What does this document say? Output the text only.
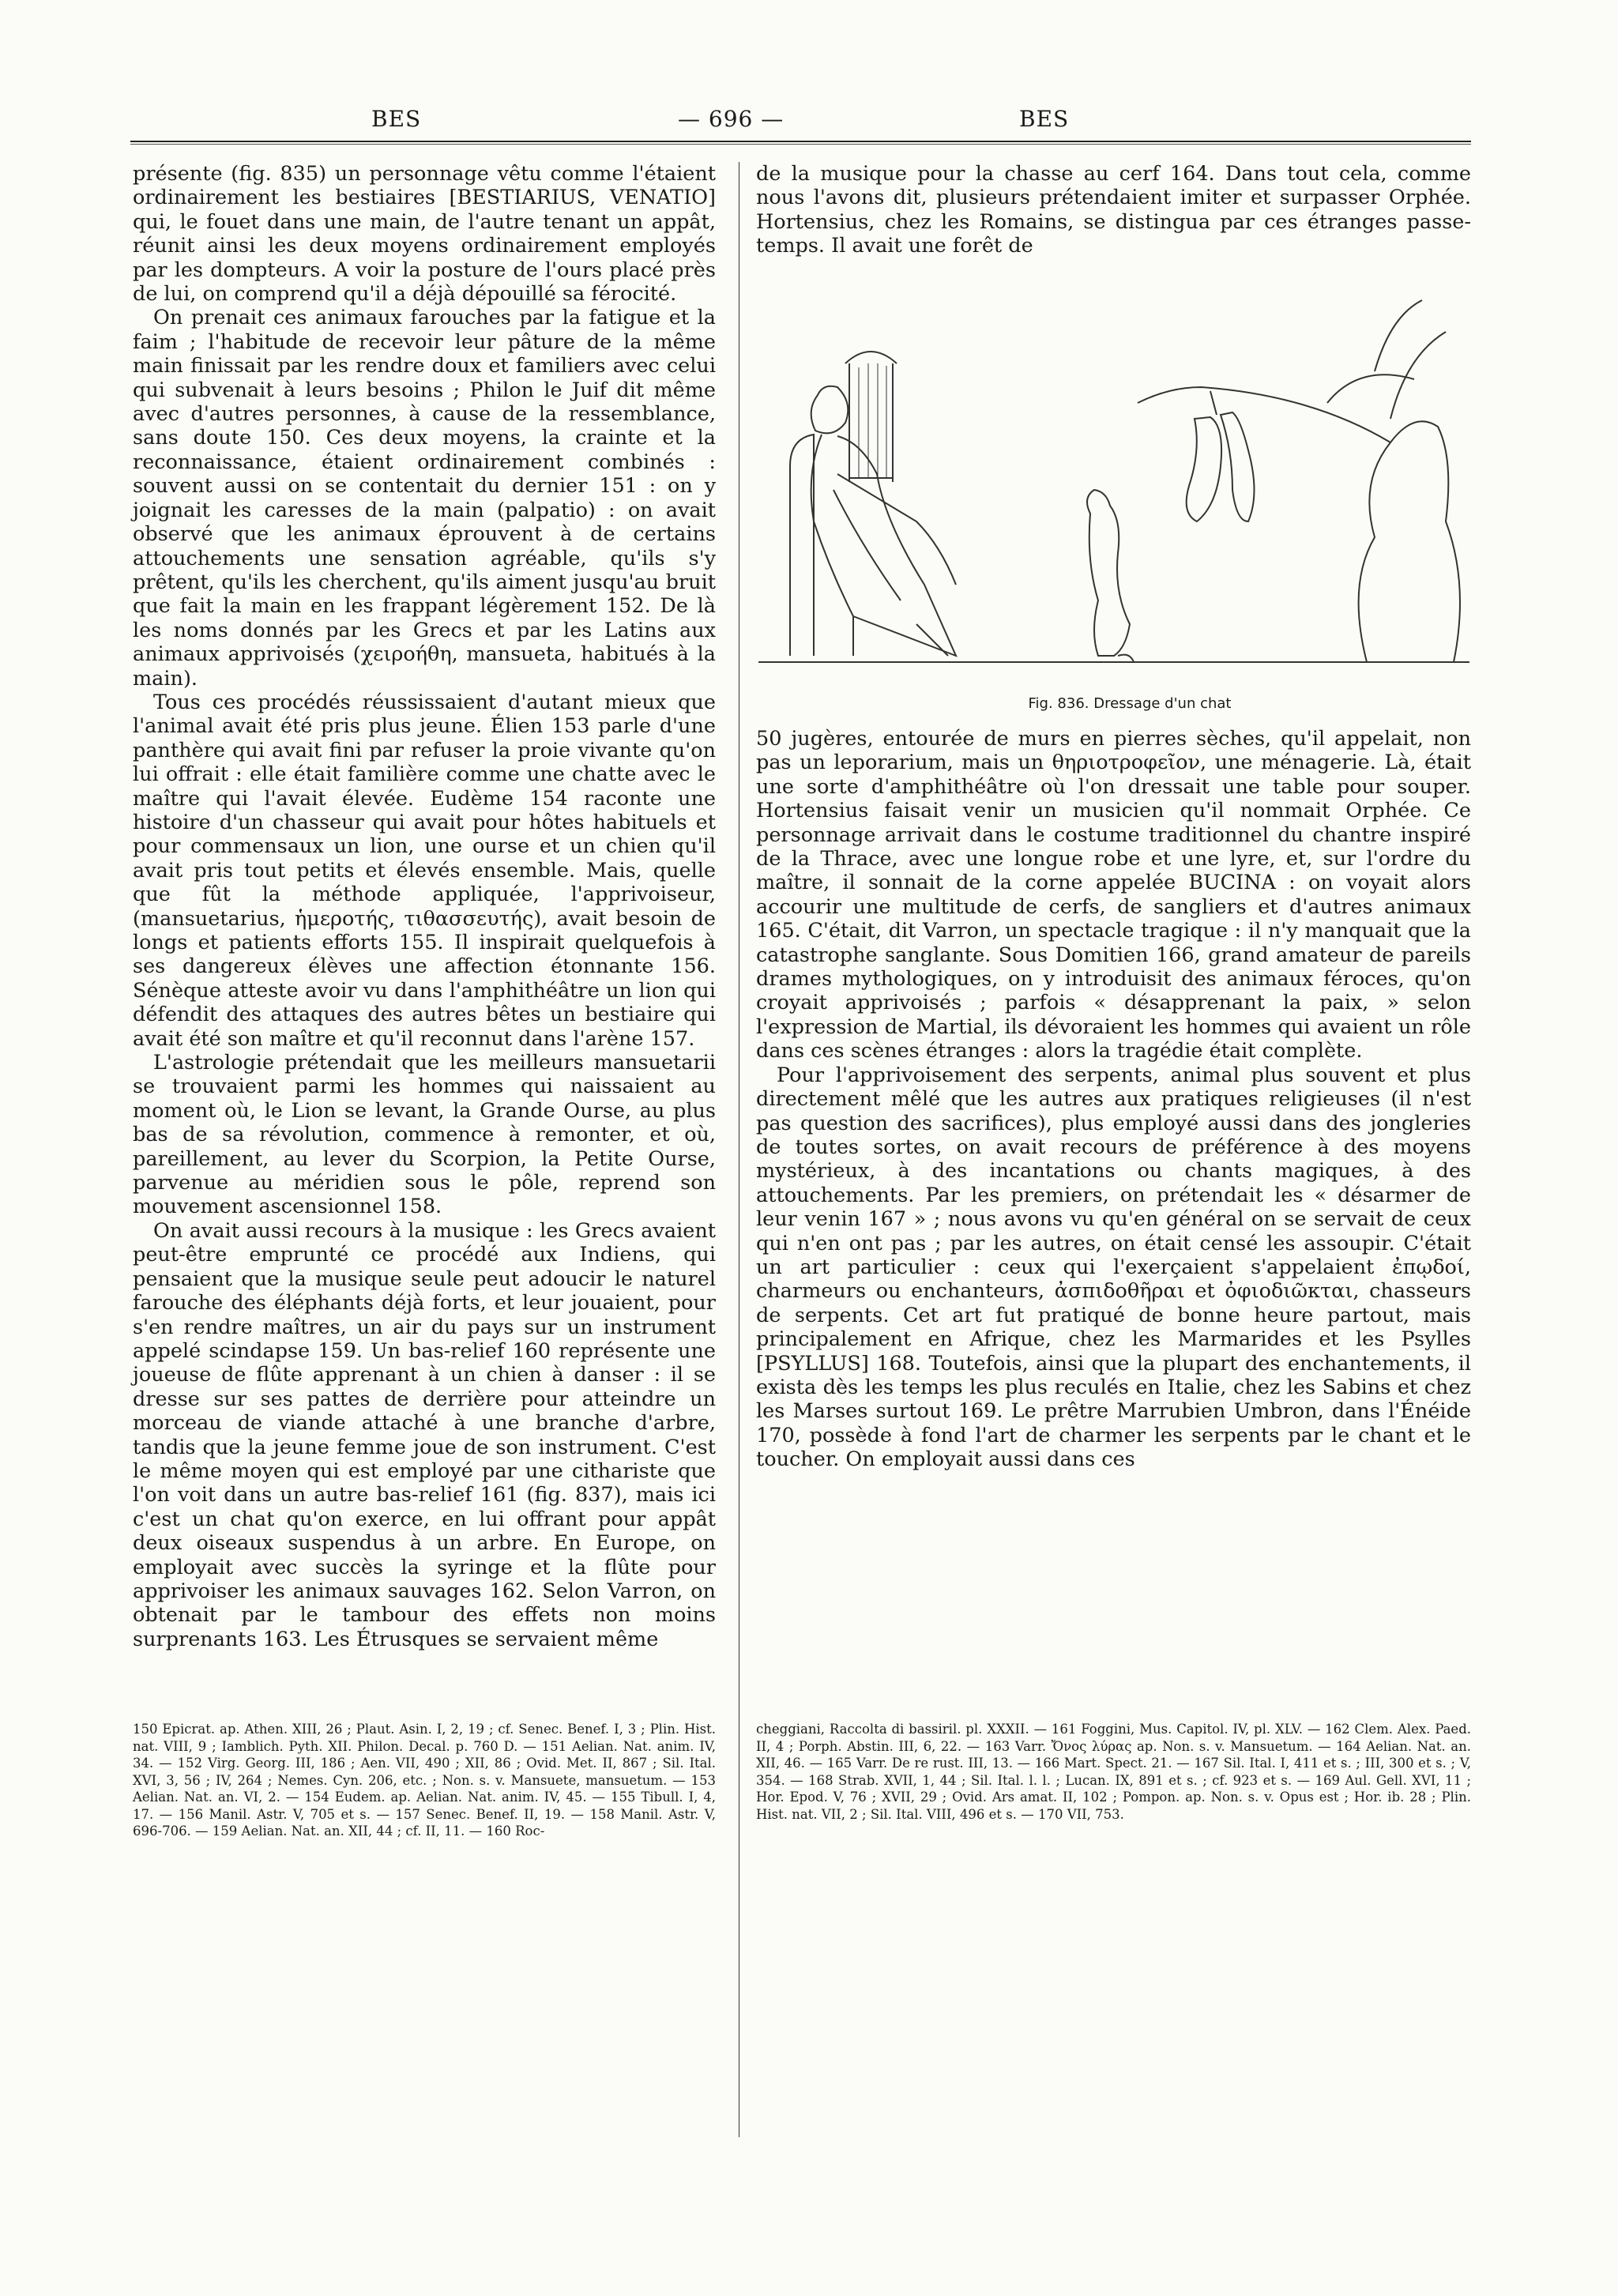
BES	— 696 —	BES

présente (fig. 835) un personnage vêtu comme l'étaient ordinairement les bestiaires [BESTIARIUS, VENATIO] qui, le fouet dans une main, de l'autre tenant un appât, réunit ainsi les deux moyens ordinairement employés par les dompteurs. A voir la posture de l'ours placé près de lui, on comprend qu'il a déjà dépouillé sa férocité.

On prenait ces animaux farouches par la fatigue et la faim ; l'habitude de recevoir leur pâture de la même main finissait par les rendre doux et familiers avec celui qui subvenait à leurs besoins ; Philon le Juif dit même avec d'autres personnes, à cause de la ressemblance, sans doute 150. Ces deux moyens, la crainte et la reconnaissance, étaient ordinairement combinés : souvent aussi on se contentait du dernier 151 : on y joignait les caresses de la main (palpatio) : on avait observé que les animaux éprouvent à de certains attouchements une sensation agréable, qu'ils s'y prêtent, qu'ils les cherchent, qu'ils aiment jusqu'au bruit que fait la main en les frappant légèrement 152. De là les noms donnés par les Grecs et par les Latins aux animaux apprivoisés (χειροήθη, mansueta, habitués à la main).

Tous ces procédés réussissaient d'autant mieux que l'animal avait été pris plus jeune. Élien 153 parle d'une panthère qui avait fini par refuser la proie vivante qu'on lui offrait : elle était familière comme une chatte avec le maître qui l'avait élevée. Eudème 154 raconte une histoire d'un chasseur qui avait pour hôtes habituels et pour commensaux un lion, une ourse et un chien qu'il avait pris tout petits et élevés ensemble. Mais, quelle que fût la méthode appliquée, l'apprivoiseur, (mansuetarius, ἡμεροτής, τιθασσευτής), avait besoin de longs et patients efforts 155. Il inspirait quelquefois à ses dangereux élèves une affection étonnante 156. Sénèque atteste avoir vu dans l'amphithéâtre un lion qui défendit des attaques des autres bêtes un bestiaire qui avait été son maître et qu'il reconnut dans l'arène 157.

L'astrologie prétendait que les meilleurs mansuetarii se trouvaient parmi les hommes qui naissaient au moment où, le Lion se levant, la Grande Ourse, au plus bas de sa révolution, commence à remonter, et où, pareillement, au lever du Scorpion, la Petite Ourse, parvenue au méridien sous le pôle, reprend son mouvement ascensionnel 158.

On avait aussi recours à la musique : les Grecs avaient peut-être emprunté ce procédé aux Indiens, qui pensaient que la musique seule peut adoucir le naturel farouche des éléphants déjà forts, et leur jouaient, pour s'en rendre maîtres, un air du pays sur un instrument appelé scindapse 159. Un bas-relief 160 représente une joueuse de flûte apprenant à un chien à danser : il se dresse sur ses pattes de derrière pour atteindre un morceau de viande attaché à une branche d'arbre, tandis que la jeune femme joue de son instrument. C'est le même moyen qui est employé par une cithariste que l'on voit dans un autre bas-relief 161 (fig. 837), mais ici c'est un chat qu'on exerce, en lui offrant pour appât deux oiseaux suspendus à un arbre. En Europe, on employait avec succès la syringe et la flûte pour apprivoiser les animaux sauvages 162. Selon Varron, on obtenait par le tambour des effets non moins surprenants 163. Les Étrusques se servaient même

de la musique pour la chasse au cerf 164. Dans tout cela, comme nous l'avons dit, plusieurs prétendaient imiter et surpasser Orphée. Hortensius, chez les Romains, se distingua par ces étranges passe-temps. Il avait une forêt de

Fig. 836. Dressage d'un chat

50 jugères, entourée de murs en pierres sèches, qu'il appelait, non pas un leporarium, mais un θηριοτροφεῖον, une ménagerie. Là, était une sorte d'amphithéâtre où l'on dressait une table pour souper. Hortensius faisait venir un musicien qu'il nommait Orphée. Ce personnage arrivait dans le costume traditionnel du chantre inspiré de la Thrace, avec une longue robe et une lyre, et, sur l'ordre du maître, il sonnait de la corne appelée BUCINA : on voyait alors accourir une multitude de cerfs, de sangliers et d'autres animaux 165. C'était, dit Varron, un spectacle tragique : il n'y manquait que la catastrophe sanglante. Sous Domitien 166, grand amateur de pareils drames mythologiques, on y introduisit des animaux féroces, qu'on croyait apprivoisés ; parfois « désapprenant la paix, » selon l'expression de Martial, ils dévoraient les hommes qui avaient un rôle dans ces scènes étranges : alors la tragédie était complète.

Pour l'apprivoisement des serpents, animal plus souvent et plus directement mêlé que les autres aux pratiques religieuses (il n'est pas question des sacrifices), plus employé aussi dans des jongleries de toutes sortes, on avait recours de préférence à des moyens mystérieux, à des incantations ou chants magiques, à des attouchements. Par les premiers, on prétendait les « désarmer de leur venin 167 » ; nous avons vu qu'en général on se servait de ceux qui n'en ont pas ; par les autres, on était censé les assoupir. C'était un art particulier : ceux qui l'exerçaient s'appelaient ἐπῳδοί, charmeurs ou enchanteurs, ἀσπιδοθῆραι et ὀφιοδιῶκται, chasseurs de serpents. Cet art fut pratiqué de bonne heure partout, mais principalement en Afrique, chez les Marmarides et les Psylles [PSYLLUS] 168. Toutefois, ainsi que la plupart des enchantements, il exista dès les temps les plus reculés en Italie, chez les Sabins et chez les Marses surtout 169. Le prêtre Marrubien Umbron, dans l'Énéide 170, possède à fond l'art de charmer les serpents par le chant et le toucher. On employait aussi dans ces

150 Epicrat. ap. Athen. XIII, 26 ; Plaut. Asin. I, 2, 19 ; cf. Senec. Benef. I, 3 ; Plin. Hist. nat. VIII, 9 ; Iamblich. Pyth. XII. Philon. Decal. p. 760 D. — 151 Aelian. Nat. anim. IV, 34. — 152 Virg. Georg. III, 186 ; Aen. VII, 490 ; XII, 86 ; Ovid. Met. II, 867 ; Sil. Ital. XVI, 3, 56 ; IV, 264 ; Nemes. Cyn. 206, etc. ; Non. s. v. Mansuete, mansuetum. — 153 Aelian. Nat. an. VI, 2. — 154 Eudem. ap. Aelian. Nat. anim. IV, 45. — 155 Tibull. I, 4, 17. — 156 Manil. Astr. V, 705 et s. — 157 Senec. Benef. II, 19. — 158 Manil. Astr. V, 696-706. — 159 Aelian. Nat. an. XII, 44 ; cf. II, 11. — 160 Roc-

cheggiani, Raccolta di bassiril. pl. XXXII. — 161 Foggini, Mus. Capitol. IV, pl. XLV. — 162 Clem. Alex. Paed. II, 4 ; Porph. Abstin. III, 6, 22. — 163 Varr. Ὄνος λύρας ap. Non. s. v. Mansuetum. — 164 Aelian. Nat. an. XII, 46. — 165 Varr. De re rust. III, 13. — 166 Mart. Spect. 21. — 167 Sil. Ital. I, 411 et s. ; III, 300 et s. ; V, 354. — 168 Strab. XVII, 1, 44 ; Sil. Ital. l. l. ; Lucan. IX, 891 et s. ; cf. 923 et s. — 169 Aul. Gell. XVI, 11 ; Hor. Epod. V, 76 ; XVII, 29 ; Ovid. Ars amat. II, 102 ; Pompon. ap. Non. s. v. Opus est ; Hor. ib. 28 ; Plin. Hist. nat. VII, 2 ; Sil. Ital. VIII, 496 et s. — 170 VII, 753.
